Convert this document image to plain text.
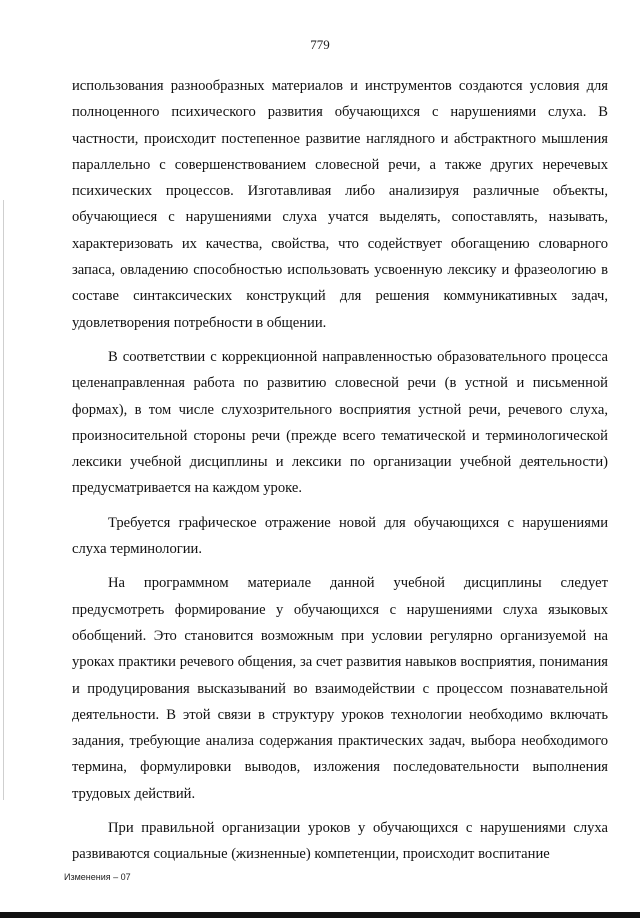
779

использования разнообразных материалов и инструментов создаются условия для полноценного психического развития обучающихся с нарушениями слуха. В частности, происходит постепенное развитие наглядного и абстрактного мышления параллельно с совершенствованием словесной речи, а также других неречевых психических процессов. Изготавливая либо анализируя различные объекты, обучающиеся с нарушениями слуха учатся выделять, сопоставлять, называть, характеризовать их качества, свойства, что содействует обогащению словарного запаса, овладению способностью использовать усвоенную лексику и фразеологию в составе синтаксических конструкций для решения коммуникативных задач, удовлетворения потребности в общении.

В соответствии с коррекционной направленностью образовательного процесса целенаправленная работа по развитию словесной речи (в устной и письменной формах), в том числе слухозрительного восприятия устной речи, речевого слуха, произносительной стороны речи (прежде всего тематической и терминологической лексики учебной дисциплины и лексики по организации учебной деятельности) предусматривается на каждом уроке.

Требуется графическое отражение новой для обучающихся с нарушениями слуха терминологии.

На программном материале данной учебной дисциплины следует предусмотреть формирование у обучающихся с нарушениями слуха языковых обобщений. Это становится возможным при условии регулярно организуемой на уроках практики речевого общения, за счет развития навыков восприятия, понимания и продуцирования высказываний во взаимодействии с процессом познавательной деятельности. В этой связи в структуру уроков технологии необходимо включать задания, требующие анализа содержания практических задач, выбора необходимого термина, формулировки выводов, изложения последовательности выполнения трудовых действий.

При правильной организации уроков у обучающихся с нарушениями слуха развиваются социальные (жизненные) компетенции, происходит воспитание

Изменения – 07
